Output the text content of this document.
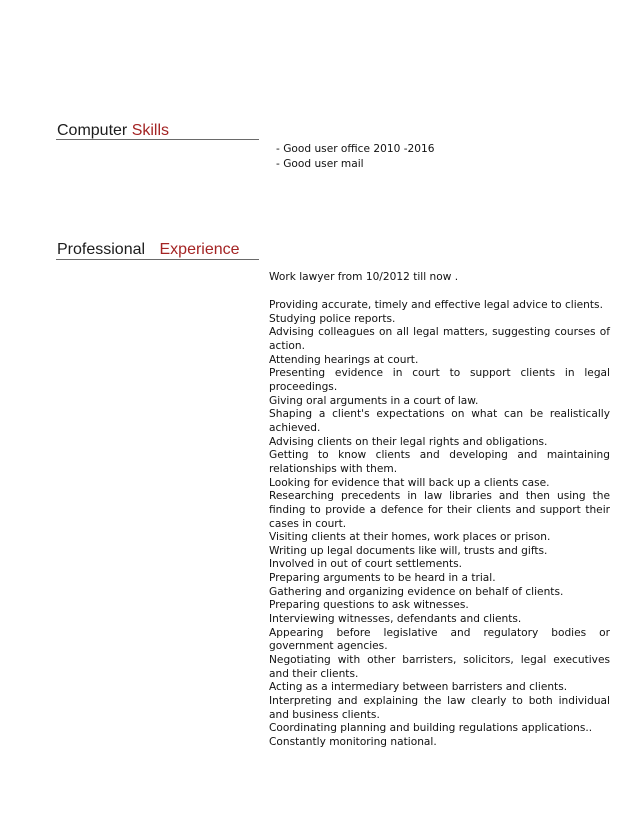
Computer Skills
- Good user office 2010 -2016
- Good user mail
Professional Experience
Work lawyer from 10/2012 till now .
Providing accurate, timely and effective legal advice to clients.
Studying police reports.
Advising colleagues on all legal matters, suggesting courses of action.
Attending hearings at court.
Presenting evidence in court to support clients in legal proceedings.
Giving oral arguments in a court of law.
Shaping a client's expectations on what can be realistically achieved.
Advising clients on their legal rights and obligations.
Getting to know clients and developing and maintaining relationships with them.
Looking for evidence that will back up a clients case.
Researching precedents in law libraries and then using the finding to provide a defence for their clients and support their cases in court.
Visiting clients at their homes, work places or prison.
Writing up legal documents like will, trusts and gifts.
Involved in out of court settlements.
Preparing arguments to be heard in a trial.
Gathering and organizing evidence on behalf of clients.
Preparing questions to ask witnesses.
Interviewing witnesses, defendants and clients.
Appearing before legislative and regulatory bodies or government agencies.
Negotiating with other barristers, solicitors, legal executives and their clients.
Acting as a intermediary between barristers and clients.
Interpreting and explaining the law clearly to both individual and business clients.
Coordinating planning and building regulations applications..
Constantly monitoring national.
